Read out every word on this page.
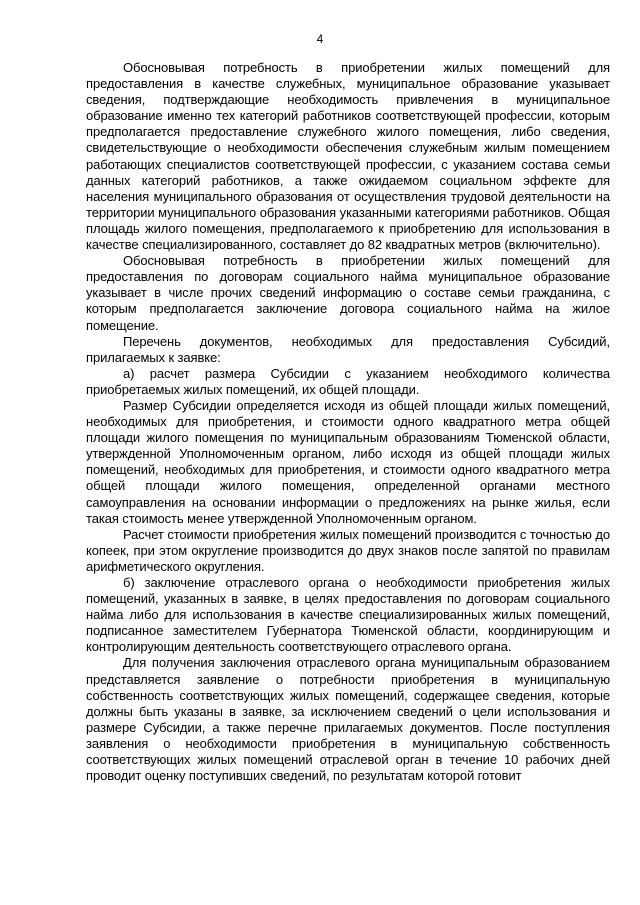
4

Обосновывая потребность в приобретении жилых помещений для предоставления в качестве служебных, муниципальное образование указывает сведения, подтверждающие необходимость привлечения в муниципальное образование именно тех категорий работников соответствующей профессии, которым предполагается предоставление служебного жилого помещения, либо сведения, свидетельствующие о необходимости обеспечения служебным жилым помещением работающих специалистов соответствующей профессии, с указанием состава семьи данных категорий работников, а также ожидаемом социальном эффекте для населения муниципального образования от осуществления трудовой деятельности на территории муниципального образования указанными категориями работников. Общая площадь жилого помещения, предполагаемого к приобретению для использования в качестве специализированного, составляет до 82 квадратных метров (включительно).

Обосновывая потребность в приобретении жилых помещений для предоставления по договорам социального найма муниципальное образование указывает в числе прочих сведений информацию о составе семьи гражданина, с которым предполагается заключение договора социального найма на жилое помещение.

Перечень документов, необходимых для предоставления Субсидий, прилагаемых к заявке:

а) расчет размера Субсидии с указанием необходимого количества приобретаемых жилых помещений, их общей площади.

Размер Субсидии определяется исходя из общей площади жилых помещений, необходимых для приобретения, и стоимости одного квадратного метра общей площади жилого помещения по муниципальным образованиям Тюменской области, утвержденной Уполномоченным органом, либо исходя из общей площади жилых помещений, необходимых для приобретения, и стоимости одного квадратного метра общей площади жилого помещения, определенной органами местного самоуправления на основании информации о предложениях на рынке жилья, если такая стоимость менее утвержденной Уполномоченным органом.

Расчет стоимости приобретения жилых помещений производится с точностью до копеек, при этом округление производится до двух знаков после запятой по правилам арифметического округления.

б) заключение отраслевого органа о необходимости приобретения жилых помещений, указанных в заявке, в целях предоставления по договорам социального найма либо для использования в качестве специализированных жилых помещений, подписанное заместителем Губернатора Тюменской области, координирующим и контролирующим деятельность соответствующего отраслевого органа.

Для получения заключения отраслевого органа муниципальным образованием представляется заявление о потребности приобретения в муниципальную собственность соответствующих жилых помещений, содержащее сведения, которые должны быть указаны в заявке, за исключением сведений о цели использования и размере Субсидии, а также перечне прилагаемых документов. После поступления заявления о необходимости приобретения в муниципальную собственность соответствующих жилых помещений отраслевой орган в течение 10 рабочих дней проводит оценку поступивших сведений, по результатам которой готовит
